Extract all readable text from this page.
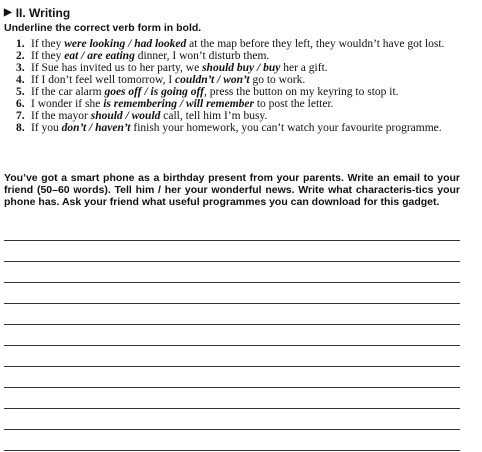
▶ II. Writing
Underline the correct verb form in bold.
1. If they were looking / had looked at the map before they left, they wouldn’t have got lost.
2. If they eat / are eating dinner, I won’t disturb them.
3. If Sue has invited us to her party, we should buy / buy her a gift.
4. If I don’t feel well tomorrow, I couldn’t / won’t go to work.
5. If the car alarm goes off / is going off, press the button on my keyring to stop it.
6. I wonder if she is remembering / will remember to post the letter.
7. If the mayor should / would call, tell him I’m busy.
8. If you don’t / haven’t finish your homework, you can’t watch your favourite programme.
You’ve got a smart phone as a birthday present from your parents. Write an email to your friend (50–60 words). Tell him / her your wonderful news. Write what characteris-tics your phone has. Ask your friend what useful programmes you can download for this gadget.
